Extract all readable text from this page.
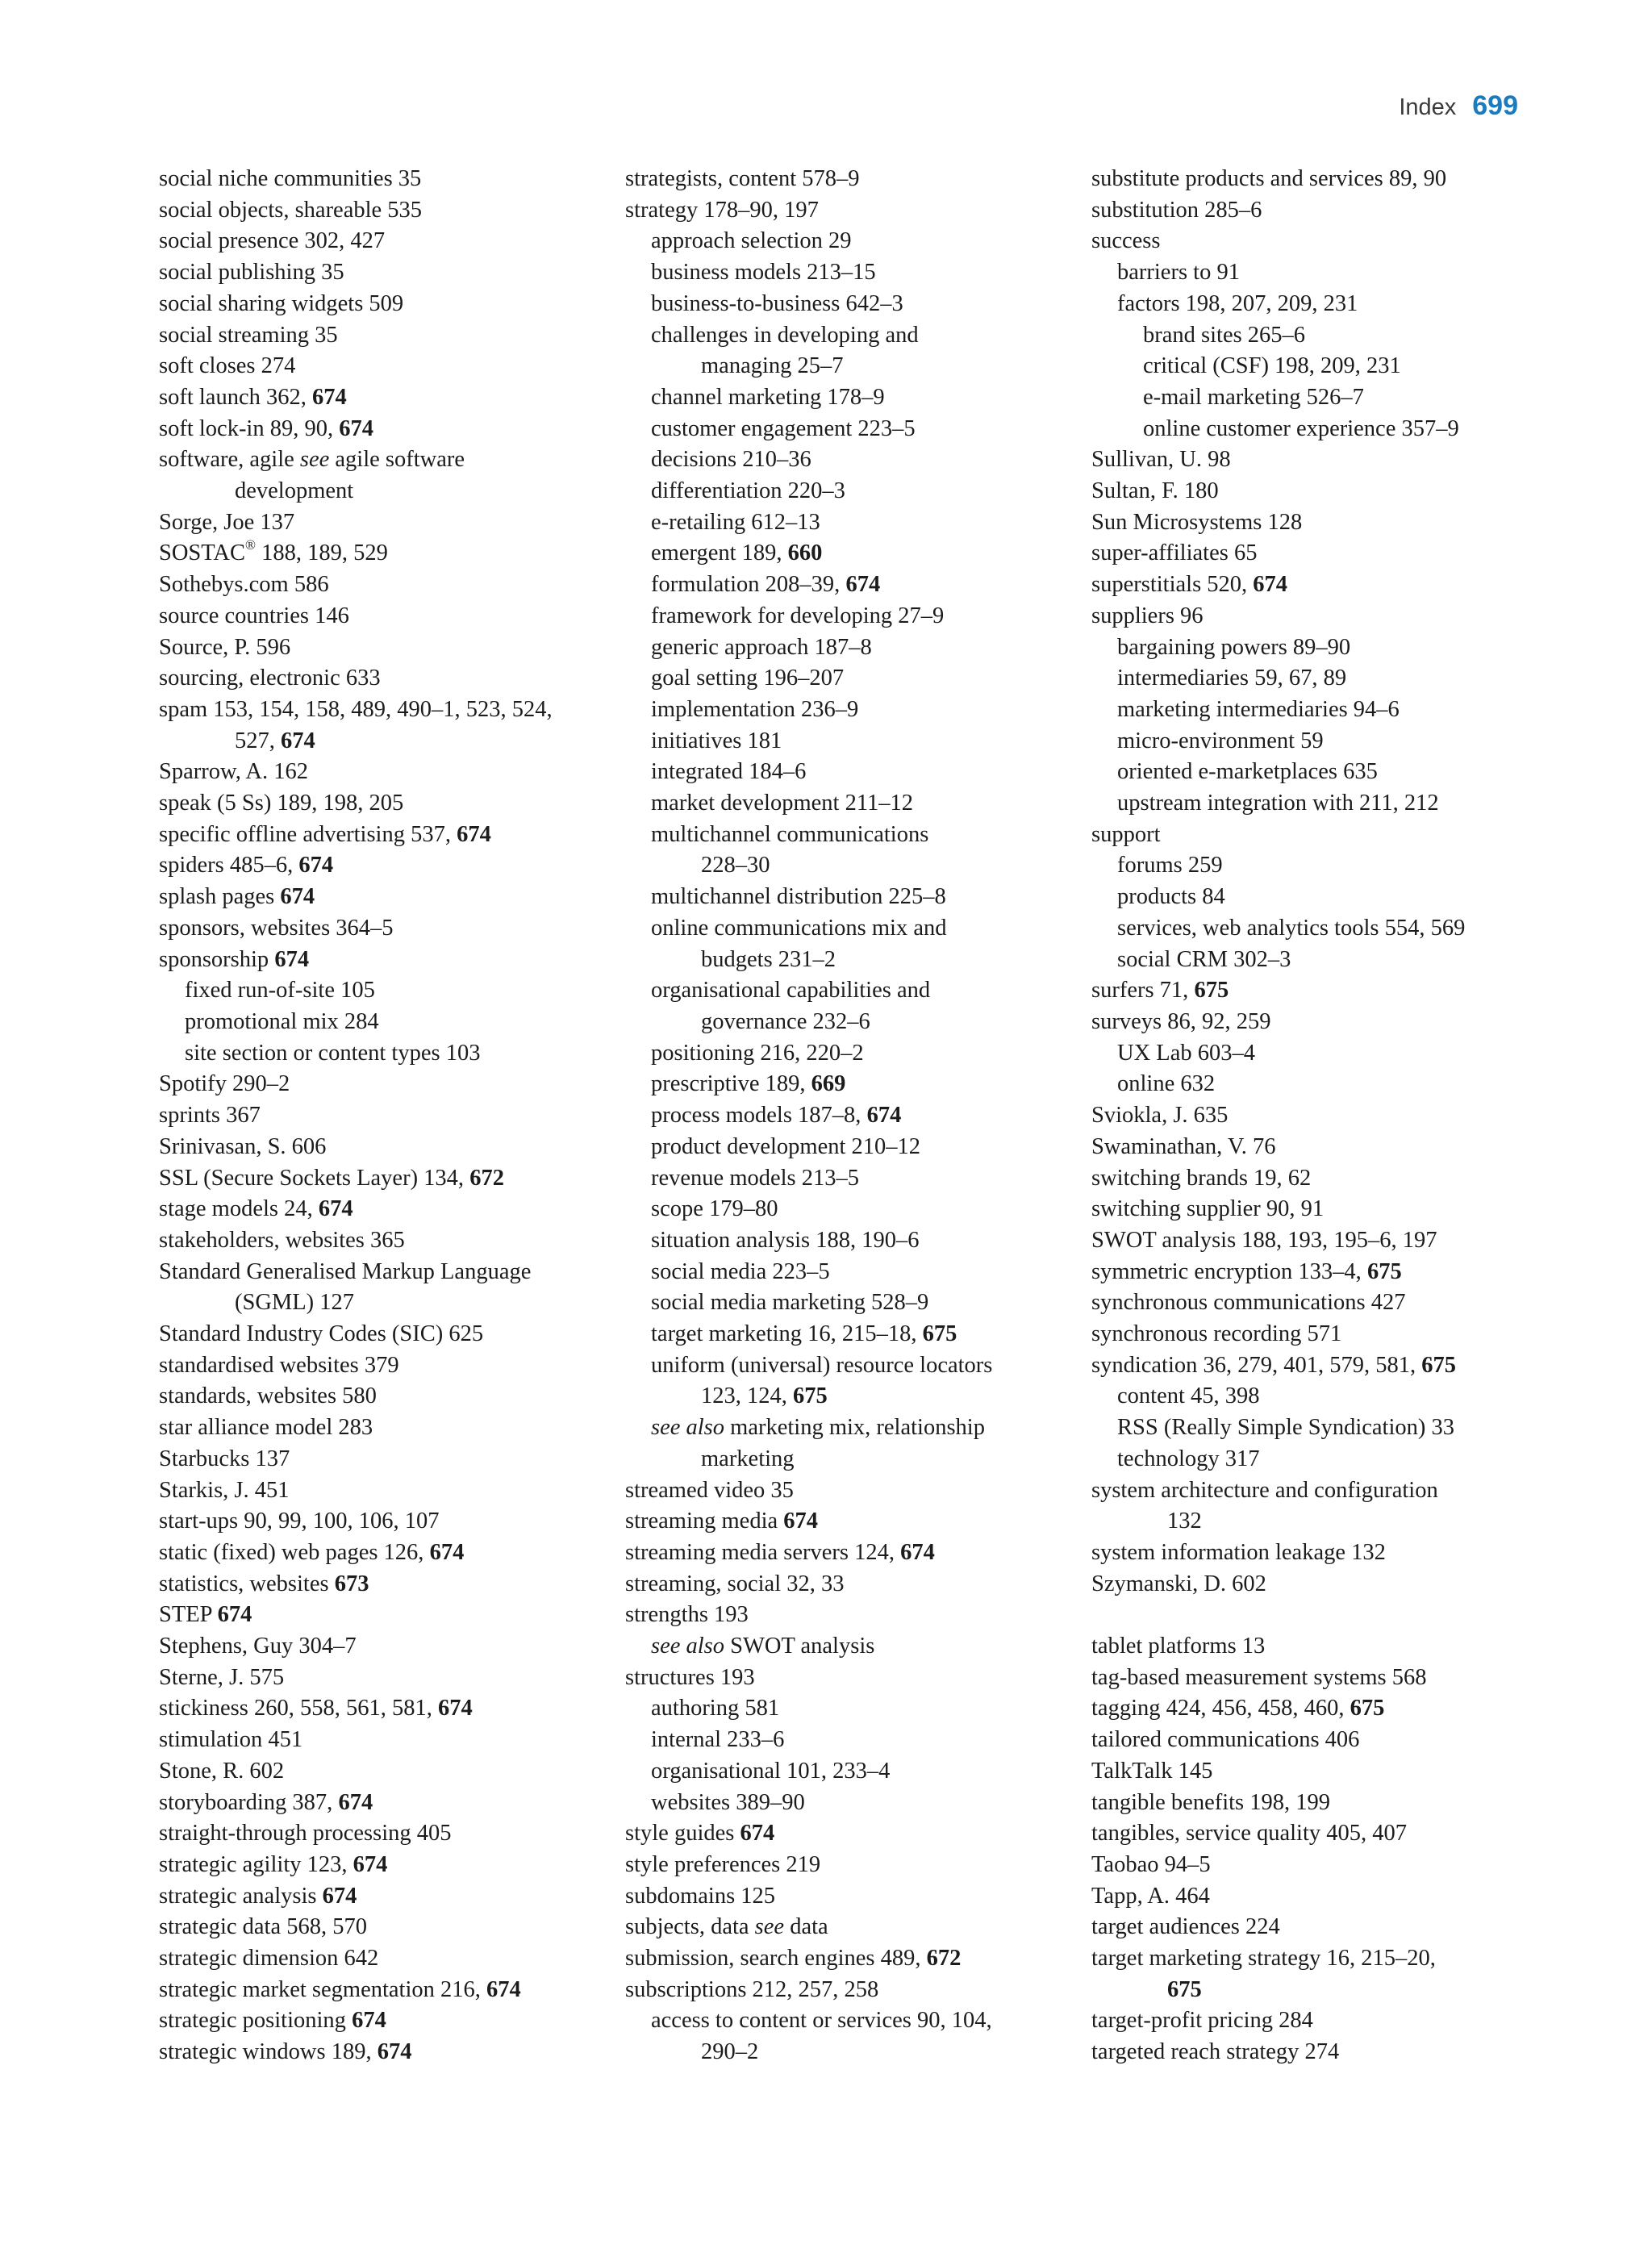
Index 699
social niche communities 35
social objects, shareable 535
social presence 302, 427
social publishing 35
social sharing widgets 509
social streaming 35
soft closes 274
soft launch 362, 674
soft lock-in 89, 90, 674
software, agile see agile software
development
Sorge, Joe 137
SOSTAC® 188, 189, 529
Sothebys.com 586
source countries 146
Source, P. 596
sourcing, electronic 633
spam 153, 154, 158, 489, 490–1, 523, 524,
527, 674
Sparrow, A. 162
speak (5 Ss) 189, 198, 205
specific offline advertising 537, 674
spiders 485–6, 674
splash pages 674
sponsors, websites 364–5
sponsorship 674
fixed run-of-site 105
promotional mix 284
site section or content types 103
Spotify 290–2
sprints 367
Srinivasan, S. 606
SSL (Secure Sockets Layer) 134, 672
stage models 24, 674
stakeholders, websites 365
Standard Generalised Markup Language
(SGML) 127
Standard Industry Codes (SIC) 625
standardised websites 379
standards, websites 580
star alliance model 283
Starbucks 137
Starkis, J. 451
start-ups 90, 99, 100, 106, 107
static (fixed) web pages 126, 674
statistics, websites 673
STEP 674
Stephens, Guy 304–7
Sterne, J. 575
stickiness 260, 558, 561, 581, 674
stimulation 451
Stone, R. 602
storyboarding 387, 674
straight-through processing 405
strategic agility 123, 674
strategic analysis 674
strategic data 568, 570
strategic dimension 642
strategic market segmentation 216, 674
strategic positioning 674
strategic windows 189, 674
strategists, content 578–9
strategy 178–90, 197
approach selection 29
business models 213–15
business-to-business 642–3
challenges in developing and
managing 25–7
channel marketing 178–9
customer engagement 223–5
decisions 210–36
differentiation 220–3
e-retailing 612–13
emergent 189, 660
formulation 208–39, 674
framework for developing 27–9
generic approach 187–8
goal setting 196–207
implementation 236–9
initiatives 181
integrated 184–6
market development 211–12
multichannel communications
228–30
multichannel distribution 225–8
online communications mix and
budgets 231–2
organisational capabilities and
governance 232–6
positioning 216, 220–2
prescriptive 189, 669
process models 187–8, 674
product development 210–12
revenue models 213–5
scope 179–80
situation analysis 188, 190–6
social media 223–5
social media marketing 528–9
target marketing 16, 215–18, 675
uniform (universal) resource locators
123, 124, 675
see also marketing mix, relationship
marketing
streamed video 35
streaming media 674
streaming media servers 124, 674
streaming, social 32, 33
strengths 193
see also SWOT analysis
structures 193
authoring 581
internal 233–6
organisational 101, 233–4
websites 389–90
style guides 674
style preferences 219
subdomains 125
subjects, data see data
submission, search engines 489, 672
subscriptions 212, 257, 258
access to content or services 90, 104,
290–2
substitute products and services 89, 90
substitution 285–6
success
barriers to 91
factors 198, 207, 209, 231
brand sites 265–6
critical (CSF) 198, 209, 231
e-mail marketing 526–7
online customer experience 357–9
Sullivan, U. 98
Sultan, F. 180
Sun Microsystems 128
super-affiliates 65
superstitials 520, 674
suppliers 96
bargaining powers 89–90
intermediaries 59, 67, 89
marketing intermediaries 94–6
micro-environment 59
oriented e-marketplaces 635
upstream integration with 211, 212
support
forums 259
products 84
services, web analytics tools 554, 569
social CRM 302–3
surfers 71, 675
surveys 86, 92, 259
UX Lab 603–4
online 632
Sviokla, J. 635
Swaminathan, V. 76
switching brands 19, 62
switching supplier 90, 91
SWOT analysis 188, 193, 195–6, 197
symmetric encryption 133–4, 675
synchronous communications 427
synchronous recording 571
syndication 36, 279, 401, 579, 581, 675
content 45, 398
RSS (Really Simple Syndication) 33
technology 317
system architecture and configuration
132
system information leakage 132
Szymanski, D. 602
tablet platforms 13
tag-based measurement systems 568
tagging 424, 456, 458, 460, 675
tailored communications 406
TalkTalk 145
tangible benefits 198, 199
tangibles, service quality 405, 407
Taobao 94–5
Tapp, A. 464
target audiences 224
target marketing strategy 16, 215–20,
675
target-profit pricing 284
targeted reach strategy 274
